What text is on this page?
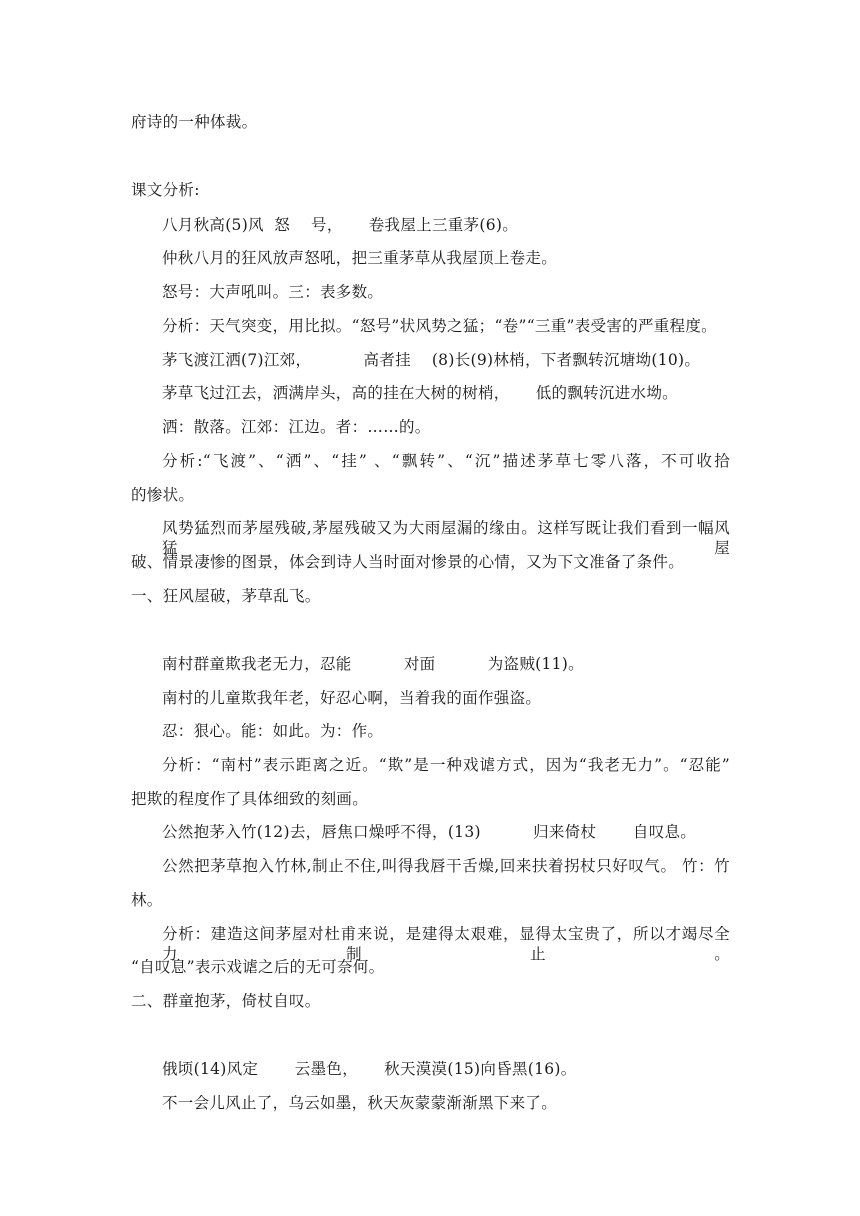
府诗的一种体裁。
课文分析:
八月秋高(5)风  怒    号，     卷我屋上三重茅(6)。
仲秋八月的狂风放声怒吼，把三重茅草从我屋顶上卷走。
怒号：大声吼叫。三：表多数。
分析：天气突变，用比拟。“怒号”状风势之猛；“卷”“三重”表受害的严重程度。
茅飞渡江洒(7)江郊，          高者挂    (8)长(9)林梢，下者飘转沉塘坳(10)。
茅草飞过江去，洒满岸头，高的挂在大树的树梢，     低的飘转沉进水坳。
洒：散落。江郊：江边。者：……的。
分析:“飞渡”、“洒”、“挂” 、“飘转”、“沉”描述茅草七零八落，不可收拾
的惨状。
风势猛烈而茅屋残破,茅屋残破又为大雨屋漏的缘由。这样写既让我们看到一幅风猛屋
破、情景凄惨的图景，体会到诗人当时面对惨景的心情，又为下文准备了条件。
一、狂风屋破，茅草乱飞。
南村群童欺我老无力，忍能          对面          为盗贼(11)。
南村的儿童欺我年老，好忍心啊，当着我的面作强盗。
忍：狠心。能：如此。为：作。
分析：“南村”表示距离之近。“欺”是一种戏谑方式，因为“我老无力”。“忍能”
把欺的程度作了具体细致的刻画。
公然抱茅入竹(12)去，唇焦口燥呼不得，(13)          归来倚杖       自叹息。
公然把茅草抱入竹林,制止不住,叫得我唇干舌燥,回来扶着拐杖只好叹气。 竹：竹
林。
分析：建造这间茅屋对杜甫来说，是建得太艰难，显得太宝贵了，所以才竭尽全力制止。
“自叹息”表示戏谑之后的无可奈何。
二、群童抱茅，倚杖自叹。
俄顷(14)风定       云墨色，     秋天漠漠(15)向昏黑(16)。
不一会儿风止了，乌云如墨，秋天灰蒙蒙渐渐黑下来了。
